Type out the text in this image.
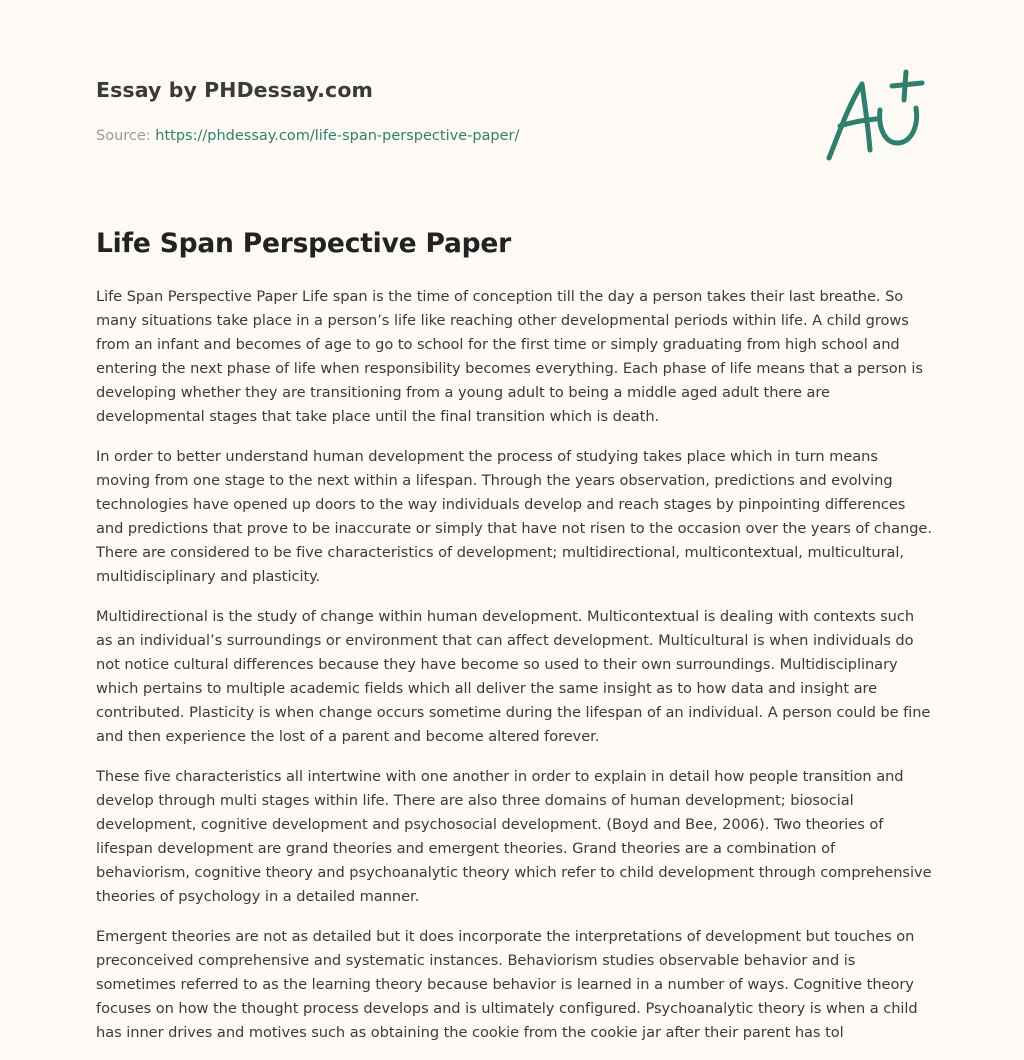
Essay by PHDessay.com
Source: https://phdessay.com/life-span-perspective-paper/
Life Span Perspective Paper

Life Span Perspective Paper Life span is the time of conception till the day a person takes their last breathe. So many situations take place in a person’s life like reaching other developmental periods within life. A child grows from an infant and becomes of age to go to school for the first time or simply graduating from high school and entering the next phase of life when responsibility becomes everything. Each phase of life means that a person is developing whether they are transitioning from a young adult to being a middle aged adult there are developmental stages that take place until the final transition which is death.

In order to better understand human development the process of studying takes place which in turn means moving from one stage to the next within a lifespan. Through the years observation, predictions and evolving technologies have opened up doors to the way individuals develop and reach stages by pinpointing differences and predictions that prove to be inaccurate or simply that have not risen to the occasion over the years of change. There are considered to be five characteristics of development; multidirectional, multicontextual, multicultural, multidisciplinary and plasticity.

Multidirectional is the study of change within human development. Multicontextual is dealing with contexts such as an individual’s surroundings or environment that can affect development. Multicultural is when individuals do not notice cultural differences because they have become so used to their own surroundings. Multidisciplinary which pertains to multiple academic fields which all deliver the same insight as to how data and insight are contributed. Plasticity is when change occurs sometime during the lifespan of an individual. A person could be fine and then experience the lost of a parent and become altered forever.

These five characteristics all intertwine with one another in order to explain in detail how people transition and develop through multi stages within life. There are also three domains of human development; biosocial development, cognitive development and psychosocial development. (Boyd and Bee, 2006). Two theories of lifespan development are grand theories and emergent theories. Grand theories are a combination of behaviorism, cognitive theory and psychoanalytic theory which refer to child development through comprehensive theories of psychology in a detailed manner.

Emergent theories are not as detailed but it does incorporate the interpretations of development but touches on preconceived comprehensive and systematic instances. Behaviorism studies observable behavior and is sometimes referred to as the learning theory because behavior is learned in a number of ways. Cognitive theory focuses on how the thought process develops and is ultimately configured. Psychoanalytic theory is when a child has inner drives and motives such as obtaining the cookie from the cookie jar after their parent has tol
